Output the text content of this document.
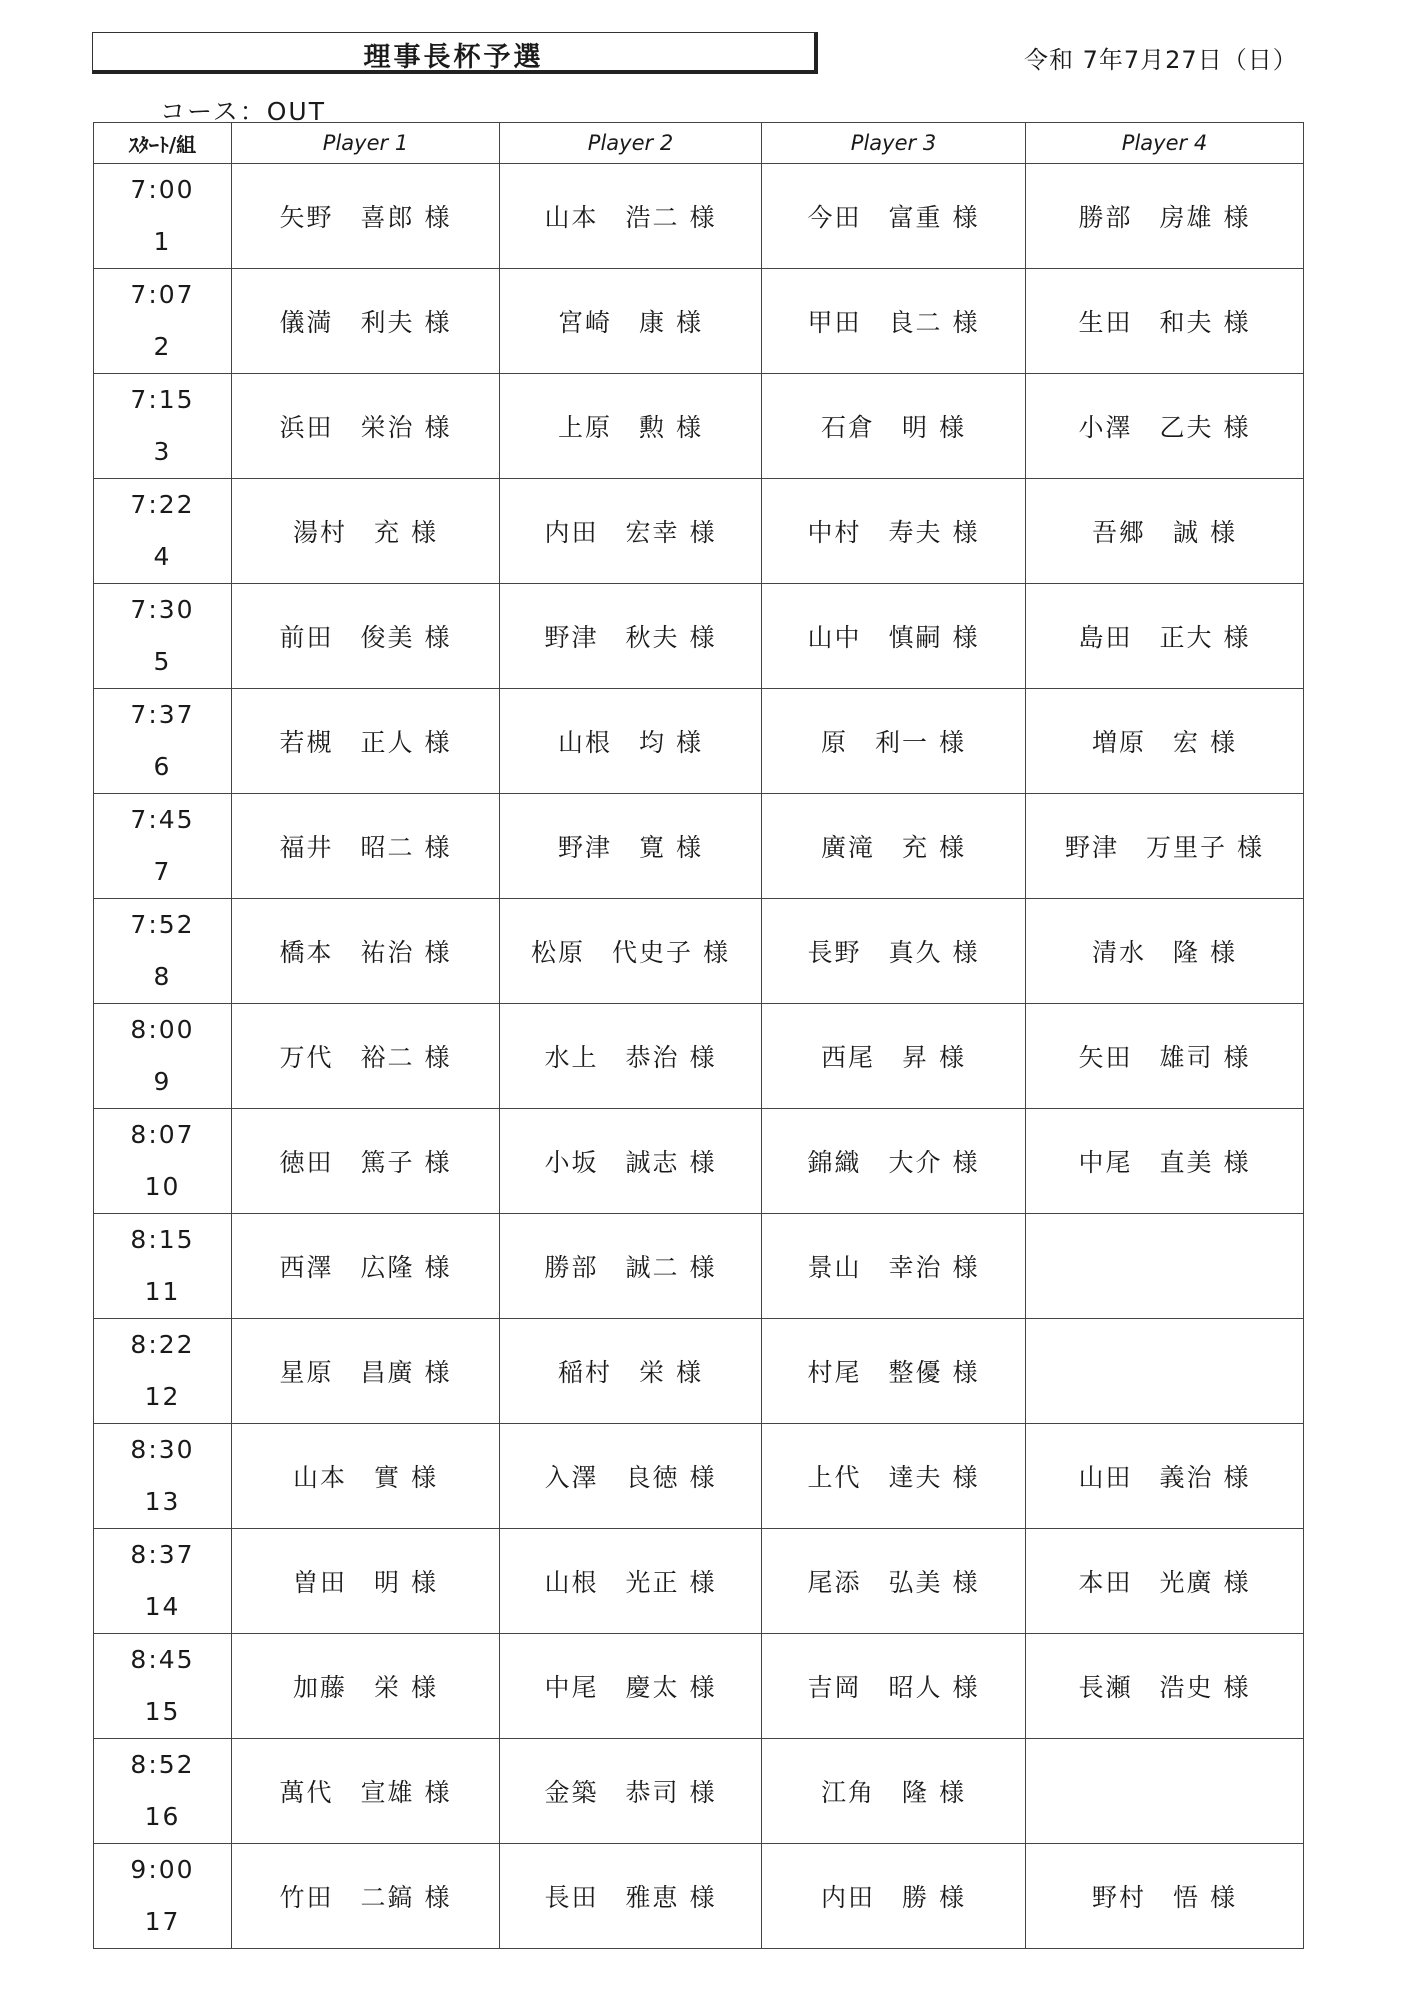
理事長杯予選	令和 7年7月27日（日）
コース：OUT
ｽﾀｰﾄ/組	Player 1	Player 2	Player 3	Player 4

7:00
1	矢野　喜郎 様	山本　浩二 様	今田　富重 様	勝部　房雄 様

7:07
2	儀満　利夫 様	宮崎　康 様	甲田　良二 様	生田　和夫 様

7:15
3	浜田　栄治 様	上原　勲 様	石倉　明 様	小澤　乙夫 様

7:22
4	湯村　充 様	内田　宏幸 様	中村　寿夫 様	吾郷　誠 様

7:30
5	前田　俊美 様	野津　秋夫 様	山中　慎嗣 様	島田　正大 様

7:37
6	若槻　正人 様	山根　均 様	原　利一 様	増原　宏 様

7:45
7	福井　昭二 様	野津　寛 様	廣滝　充 様	野津　万里子 様

7:52
8	橋本　祐治 様	松原　代史子 様	長野　真久 様	清水　隆 様

8:00
9	万代　裕二 様	水上　恭治 様	西尾　昇 様	矢田　雄司 様

8:07
10	徳田　篤子 様	小坂　誠志 様	錦織　大介 様	中尾　直美 様

8:15
11	西澤　広隆 様	勝部　誠二 様	景山　幸治 様	

8:22
12	星原　昌廣 様	稲村　栄 様	村尾　整優 様	

8:30
13	山本　實 様	入澤　良徳 様	上代　達夫 様	山田　義治 様

8:37
14	曽田　明 様	山根　光正 様	尾添　弘美 様	本田　光廣 様

8:45
15	加藤　栄 様	中尾　慶太 様	吉岡　昭人 様	長瀬　浩史 様

8:52
16	萬代　宣雄 様	金築　恭司 様	江角　隆 様	

9:00
17	竹田　二鎬 様	長田　雅恵 様	内田　勝 様	野村　悟 様
